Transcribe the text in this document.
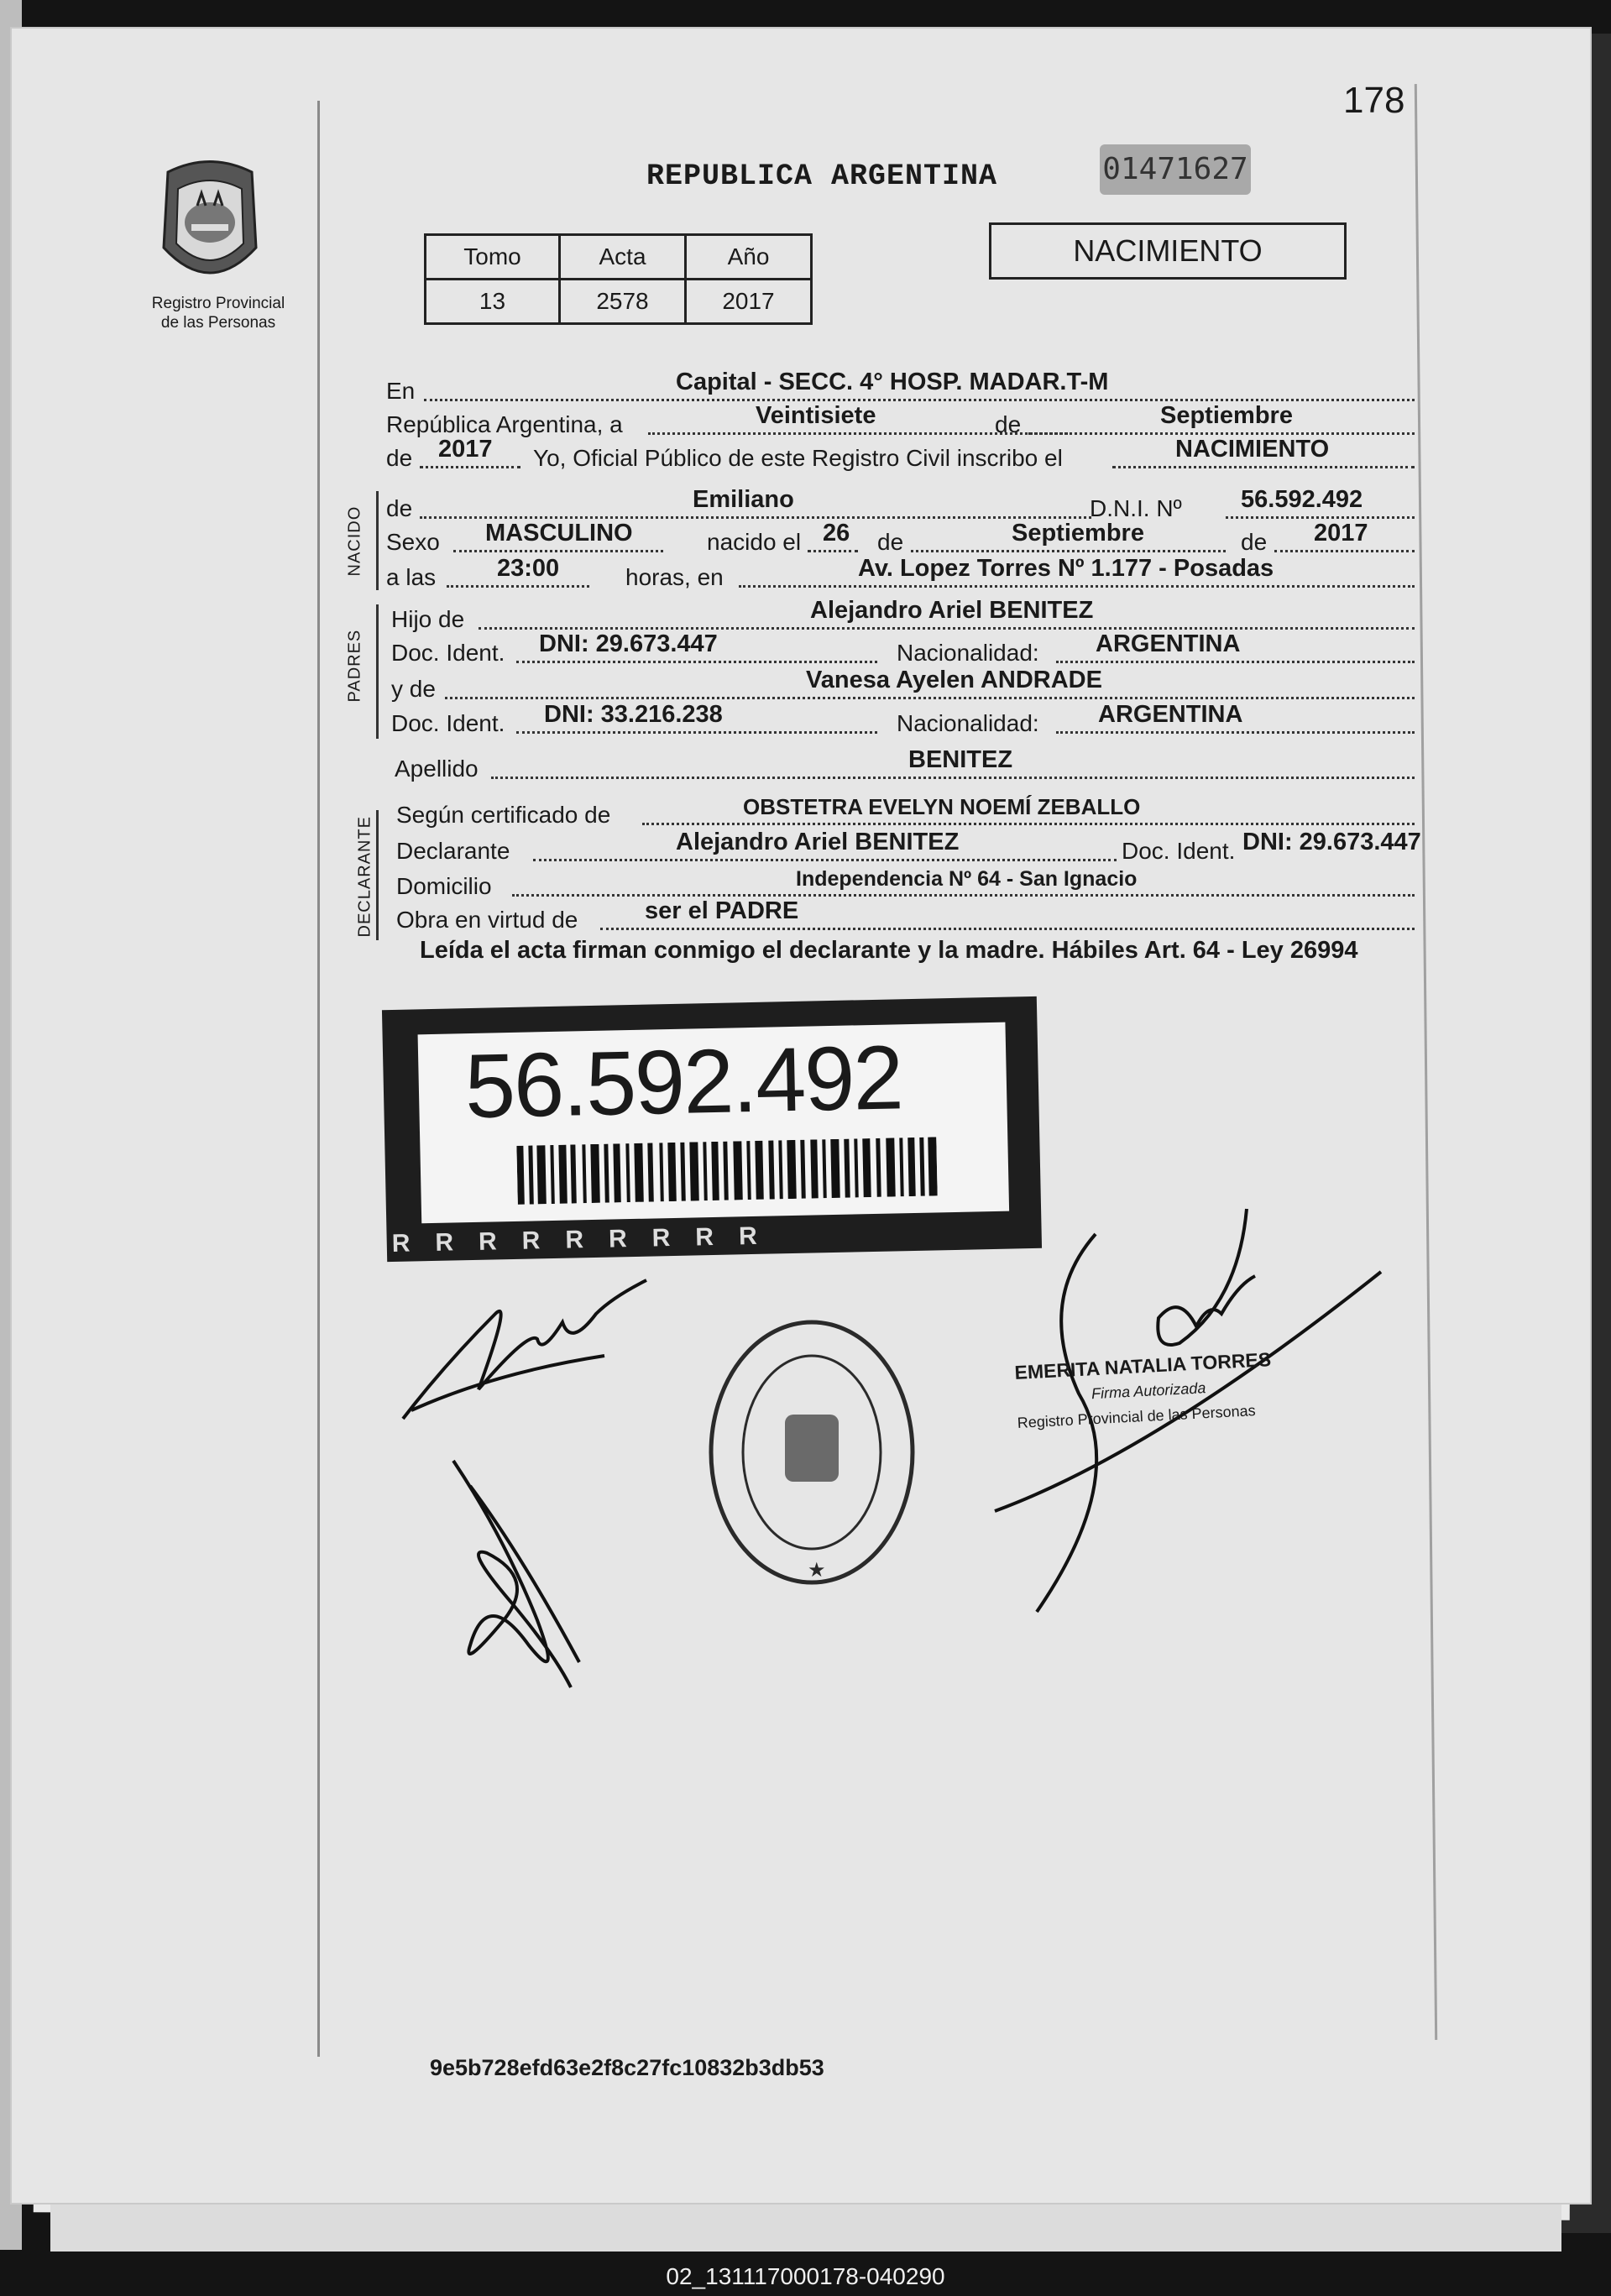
178
Registro Provincial
de las Personas
REPUBLICA ARGENTINA	01471627
Tomo	Acta	Año
13	2578	2017
NACIMIENTO
En	Capital - SECC. 4° HOSP. MADAR.T-M
República Argentina, a	Veintisiete	de	Septiembre
de 2017 Yo, Oficial Público de este Registro Civil inscribo el	NACIMIENTO
NACIDO de	Emiliano	D.N.I. Nº 56.592.492
Sexo MASCULINO	nacido el 26 de	Septiembre	de 2017
a las	23:00	horas, en	Av. Lopez Torres Nº 1.177 - Posadas
PADRES
Hijo de	Alejandro Ariel BENITEZ
Doc. Ident. DNI: 29.673.447	Nacionalidad: ARGENTINA
y de	Vanesa Ayelen ANDRADE
Doc. Ident. DNI: 33.216.238	Nacionalidad: ARGENTINA
Apellido	BENITEZ
DECLARANTE
Según certificado de	OBSTETRA EVELYN NOEMÍ ZEBALLO
Declarante	Alejandro Ariel BENITEZ	Doc. Ident. DNI: 29.673.447
Domicilio	Independencia Nº 64 - San Ignacio
Obra en virtud de	ser el PADRE
Leída el acta firman conmigo el declarante y la madre. Hábiles Art. 64 - Ley 26994
56.592.492
RRRRRRRRR
★
EMERITA NATALIA TORRES
Firma Autorizada
Registro Provincial de las Personas
9e5b728efd63e2f8c27fc10832b3db53
02_131117000178-040290
